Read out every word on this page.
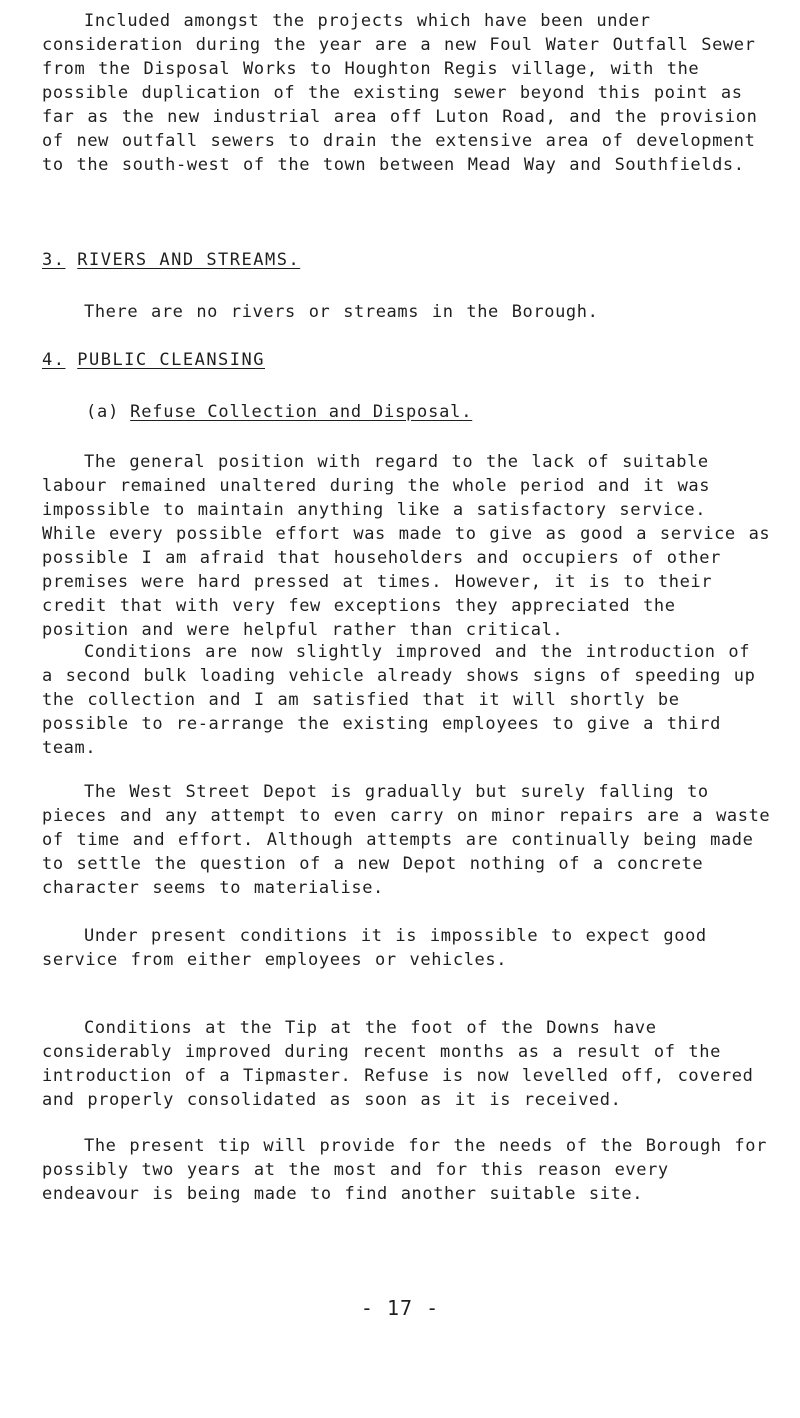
Included amongst the projects which have been under consideration during the year are a new Foul Water Outfall Sewer from the Disposal Works to Houghton Regis village, with the possible duplication of the existing sewer beyond this point as far as the new industrial area off Luton Road, and the provision of new outfall sewers to drain the extensive area of development to the south-west of the town between Mead Way and Southfields.

3. RIVERS AND STREAMS.

There are no rivers or streams in the Borough.

4. PUBLIC CLEANSING
(a) Refuse Collection and Disposal.

The general position with regard to the lack of suitable labour remained unaltered during the whole period and it was impossible to maintain anything like a satisfactory service. While every possible effort was made to give as good a service as possible I am afraid that householders and occupiers of other premises were hard pressed at times. However, it is to their credit that with very few exceptions they appreciated the position and were helpful rather than critical.

Conditions are now slightly improved and the introduction of a second bulk loading vehicle already shows signs of speeding up the collection and I am satisfied that it will shortly be possible to re-arrange the existing employees to give a third team.

The West Street Depot is gradually but surely falling to pieces and any attempt to even carry on minor repairs are a waste of time and effort. Although attempts are continually being made to settle the question of a new Depot nothing of a concrete character seems to materialise.

Under present conditions it is impossible to expect good service from either employees or vehicles.

Conditions at the Tip at the foot of the Downs have considerably improved during recent months as a result of the introduction of a Tipmaster. Refuse is now levelled off, covered and properly consolidated as soon as it is received.

The present tip will provide for the needs of the Borough for possibly two years at the most and for this reason every endeavour is being made to find another suitable site.

- 17 -
